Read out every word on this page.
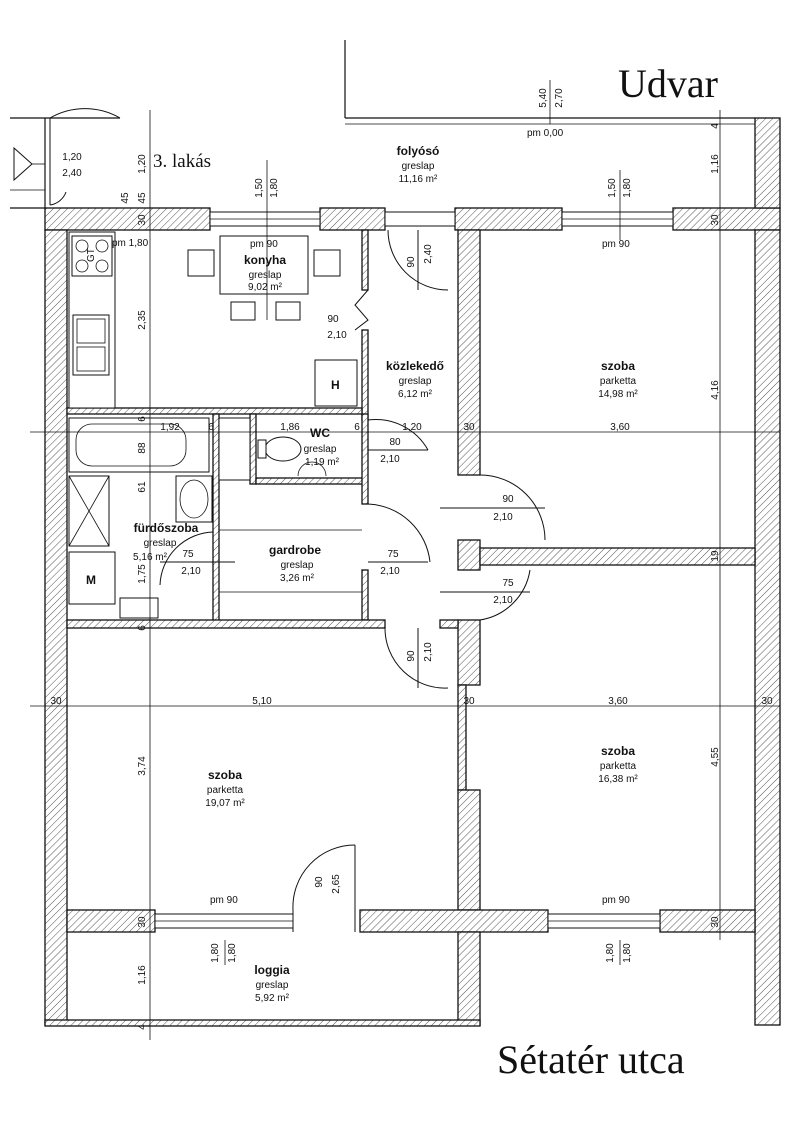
Udvar
Sétatér utca
3. lakás
GT
H
M
folyósó
greslap
11,16 m²
konyha
greslap
9,02 m²
közlekedő
greslap
6,12 m²
szoba
parketta
14,98 m²
WC
greslap
1,19 m²
fürdőszoba
greslap
5,16 m²
gardrobe
greslap
3,26 m²
szoba
parketta
19,07 m²
szoba
parketta
16,38 m²
loggia
greslap
5,92 m²
pm 0,00
pm 1,80	pm 90	pm 90
pm 90	pm 90
1,20
2,40
1,92	6	1,86	6	1,20	30	3,60
90
2,10
80
2,10
90
2,10
75
2,10
75
2,10
75
2,10
30	5,10	30	3,60	30
5,40 2,70
1,20
45 45
30
1,50 1,80	1,50 1,80
4
1,16
30
2,35
90 2,40
4,16
6
88
61
19
1,75
6
90 2,10
3,74	4,55
90 2,65
30	30
1,80 1,80	1,80 1,80
1,16
4
